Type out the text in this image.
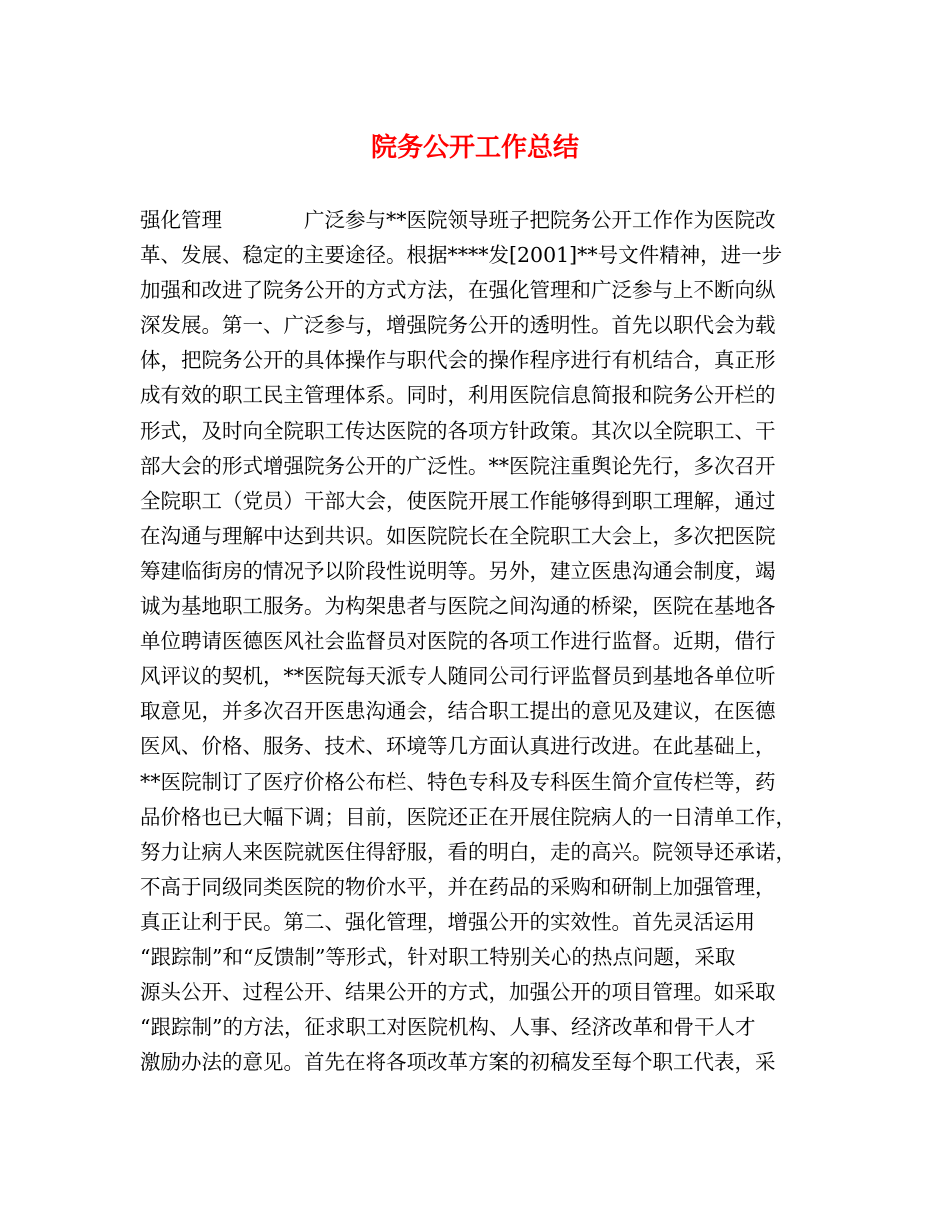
院务公开工作总结
强化管理　　　　广泛参与**医院领导班子把院务公开工作作为医院改
革、发展、稳定的主要途径。根据****发[2001]**号文件精神，进一步
加强和改进了院务公开的方式方法，在强化管理和广泛参与上不断向纵
深发展。第一、广泛参与，增强院务公开的透明性。首先以职代会为载
体，把院务公开的具体操作与职代会的操作程序进行有机结合，真正形
成有效的职工民主管理体系。同时，利用医院信息简报和院务公开栏的
形式，及时向全院职工传达医院的各项方针政策。其次以全院职工、干
部大会的形式增强院务公开的广泛性。**医院注重舆论先行，多次召开
全院职工（党员）干部大会，使医院开展工作能够得到职工理解，通过
在沟通与理解中达到共识。如医院院长在全院职工大会上，多次把医院
筹建临街房的情况予以阶段性说明等。另外，建立医患沟通会制度，竭
诚为基地职工服务。为构架患者与医院之间沟通的桥梁，医院在基地各
单位聘请医德医风社会监督员对医院的各项工作进行监督。近期，借行
风评议的契机，**医院每天派专人随同公司行评监督员到基地各单位听
取意见，并多次召开医患沟通会，结合职工提出的意见及建议，在医德
医风、价格、服务、技术、环境等几方面认真进行改进。在此基础上，
**医院制订了医疗价格公布栏、特色专科及专科医生简介宣传栏等，药
品价格也已大幅下调；目前，医院还正在开展住院病人的一日清单工作，
努力让病人来医院就医住得舒服，看的明白，走的高兴。院领导还承诺，
不高于同级同类医院的物价水平，并在药品的采购和研制上加强管理，
真正让利于民。第二、强化管理，增强公开的实效性。首先灵活运用
“跟踪制”和“反馈制”等形式，针对职工特别关心的热点问题，采取
源头公开、过程公开、结果公开的方式，加强公开的项目管理。如采取
“跟踪制”的方法，征求职工对医院机构、人事、经济改革和骨干人才
激励办法的意见。首先在将各项改革方案的初稿发至每个职工代表，采
